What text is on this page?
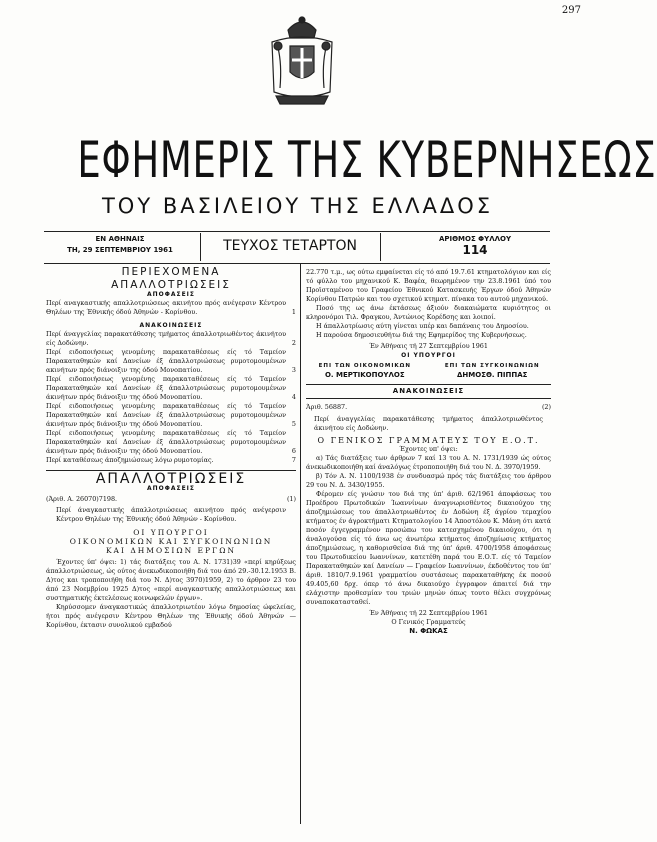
297
ΕΦΗΜΕΡΙΣ ΤΗΣ ΚΥΒΕΡΝΗΣΕΩΣ
ΤΟΥ ΒΑΣΙΛΕΙΟΥ ΤΗΣ ΕΛΛΑΔΟΣ
ΕΝ ΑΘΗΝΑΙΣ
ΤΗ, 29 ΣΕΠΤΕΜΒΡΙΟΥ 1961	ΤΕΥΧΟΣ ΤΕΤΑΡΤΟΝ	ΑΡΙΘΜΟΣ ΦΥΛΛΟΥ
114
ΠΕΡΙΕΧΟΜΕΝΑ
ΑΠΑΛΛΟΤΡΙΩΣΕΙΣ
ΑΠΟΦΑΣΕΙΣ
Περί αναγκαστικής απαλλοτριώσεως ακινήτου πρός ανέγερσιν Κέντρου Θηλέων της Έθνικής όδού Άθηνών - Κορίνθου.	1
ΑΝΑΚΟΙΝΩΣΕΙΣ
Περί άναγγελίας παρακατάθεσης τμήματος άπαλλοτριωθέντος άκινήτου είς Δοδώνην.	2
Περί ειδοποιήσεως γενομένης παρακαταθέσεως είς τό Ταμείον Παρακαταθηκών καί Δανείων έξ άπαλλοτριώσεως ρυμοτομουμένων ακινήτων πρός διάνοιξιν της όδού Μονοπατίου.	3
Περί ειδοποιήσεως γενομένης παρακαταθέσεως είς τό Ταμείον Παρακαταθηκών καί Δανείων έξ άπαλλοτριώσεως ρυμοτομουμένων άκινήτων πρός διάνοιξιν της όδού Μονοπατίου.	4
Περί ειδοποιήσεως γενομένης παρακαταθέσεως είς τό Ταμείον Παρακαταθηκών καί Δανείων έξ άπαλλοτριώσεως ρυμοτομουμένων άκινήτων πρός διάνοιξιν της όδού Μονοπατίου.	5
Περί ειδοποιήσεως γενομένης παρακαταθέσεως είς τό Ταμείον Παρακαταθηκών καί Δανείων έξ άπαλλοτριώσεως ρυμοτομουμένων άκινήτων πρός διάνοιξιν της όδού Μονοπατίου.	6
Περί καταθέσεως άποζημιώσεως λόγω ρυμοτομίας.	7
ΑΠΑΛΛΟΤΡΙΩΣΕΙΣ
ΑΠΟΦΑΣΕΙΣ
(Άριθ. Α. 26070)7198.	(1)
Περί άναγκαστικής άπαλλοτριώσεως ακινήτου πρός ανέγερσιν Κέντρου Θηλέων της Έθνικής όδού Άθηνών - Κορίνθου.
ΟΙ ΥΠΟΥΡΓΟΙ
ΟΙΚΟΝΟΜΙΚΩΝ ΚΑΙ ΣΥΓΚΟΙΝΩΝΙΩΝ
ΚΑΙ ΔΗΜΟΣΙΩΝ ΕΡΓΩΝ
Έχοντες ύπ' όψει: 1) τάς διατάξεις του Α. Ν. 1731)39 «περί κηρύξεως άπαλλοτριώσεως, ώς ούτος άνεκωδικοποιήθη διά του άπό 29.-30.12.1953 Β. Δ)τος και τροποποιήθη διά του Ν. Δ)τος 3970)1959, 2) το άρθρον 23 του άπό 23 Νοεμβρίου 1925 Δ)τος «περί αναγκαστικής απαλλοτριώσεως και συστηματικής έκτελέσεως κοινωφελών έργων».
Κηρύσσομεν άναγκαστικώς άπαλλοτριωτέον λόγω δημοσίας ώφελείας, ήτοι πρός ανέγερσιν Κέντρου Θηλέων της Έθνικής όδού Άθηνών — Κορίνθου, έκτασιν συνολικού εμβαδού
22.770 τ.μ., ως ούτω εμφαίνεται είς τό από 19.7.61 κτηματολόγιον και είς τό φύλλο του μηχανικού Κ. Βαφέα, θεωρημένον την 23.8.1961 ύπό του Προϊσταμένου του Γραφείου Έθνικού Κατασκευής Έργων όδού Άθηνών Κορίνθου Πατρών και του σχετικού κτηματ. πίνακα του αυτού μηχανικού.
Ποσό της ως άνω έκτάσεως άξιούν διακαιώματα κυριότητος οι κληρονόμοι Τιλ. Φραγκου, Άντώνιος Κορέδσης και λοιποί.
Η άπαλλοτρίωσις αύτη γίνεται υπέρ και δαπάναις του Δημοσίου.
Η παρούσα δημοσιευθήτω διά της Εφημερίδος της Κυβερνήσεως.
Έν Άθήναις τή 27 Σεπτεμβρίου 1961
ΟΙ ΥΠΟΥΡΓΟΙ
ΕΠΙ ΤΩΝ ΟΙΚΟΝΟΜΙΚΩΝ
Ο. ΜΕΡΤΙΚΟΠΟΥΛΟΣ
ΕΠΙ ΤΩΝ ΣΥΓΚΟΙΝΩΝΙΩΝ
ΔΗΜΟΣΘ. ΠΙΠΠΑΣ
ΑΝΑΚΟΙΝΩΣΕΙΣ
Άριθ. 56887.	(2)
Περί άναγγελίας παρακατάθεσης τμήματος άπαλλοτριωθέντος άκινήτου είς Δοδώνην.
Ο ΓΕΝΙΚΟΣ ΓΡΑΜΜΑΤΕΥΣ ΤΟΥ Ε.Ο.Τ.
Έχοντες υπ' όψει:
α) Τάς διατάξεις των άρθρων 7 καί 13 του Α. Ν. 1731/1939 ώς ούτος άνεκωδικοποιήθη καί άναλόγως έτροποποιήθη διά του Ν. Δ. 3970/1959.
β) Τόν Α. Ν. 1100/1938 έν συνδυασμώ πρός τάς διατάξεις του άρθρου 29 του Ν. Δ. 3430/1955.
Φέρομεν είς γνώσιν του διά της ύπ' άριθ. 62/1961 άποφάσεως του Προέδρου Πρωτοδικών Ίωαννίνων άναγνωρισθέντος δικαιούχου της άποζημιώσεως του άπαλλοτριωθέντος έν Δοδώνη έξ άγρίου τεμαχίου κτήματος έν άγροκτήματι Κτηματολογίου 14 Άποστόλου Κ. Μάνη ότι κατά ποσόν έγγεγραμμένον προσώπω του κατεσχημένου δικαιούχου, ότι η άναλογούσα είς τό άνω ως άνωτέρω κτήματος άποζημίωσις κτήματος άποζημιώσεως, η καθορισθείσα διά της ύπ' άριθ. 4700/1958 άποφάσεως του Πρωτοδικείου Ιωαννίνων, κατετέθη παρά του Ε.Ο.Τ. είς τό Ταμείον Παρακαταθηκών καί Δανείων — Γραφείον Ιωαννίνων, έκδοθέντος του ύπ' άριθ. 1810/7.9.1961 γραμματίου συστάσεως παρακαταθήκης έκ ποσού 49.405,60 δρχ. όπερ τό άνω δικαιούχο έγγραφον άπαιτεί διά την ελάχιστην προθεσμίαν του τριών μηνών όπως τουτο θέλει συγχρόνως συναποκατασταθεί.
Έν Άθήναις τή 22 Σεπτεμβρίου 1961
Ο Γενικός Γραμματεύς
Ν. ΦΩΚΑΣ
